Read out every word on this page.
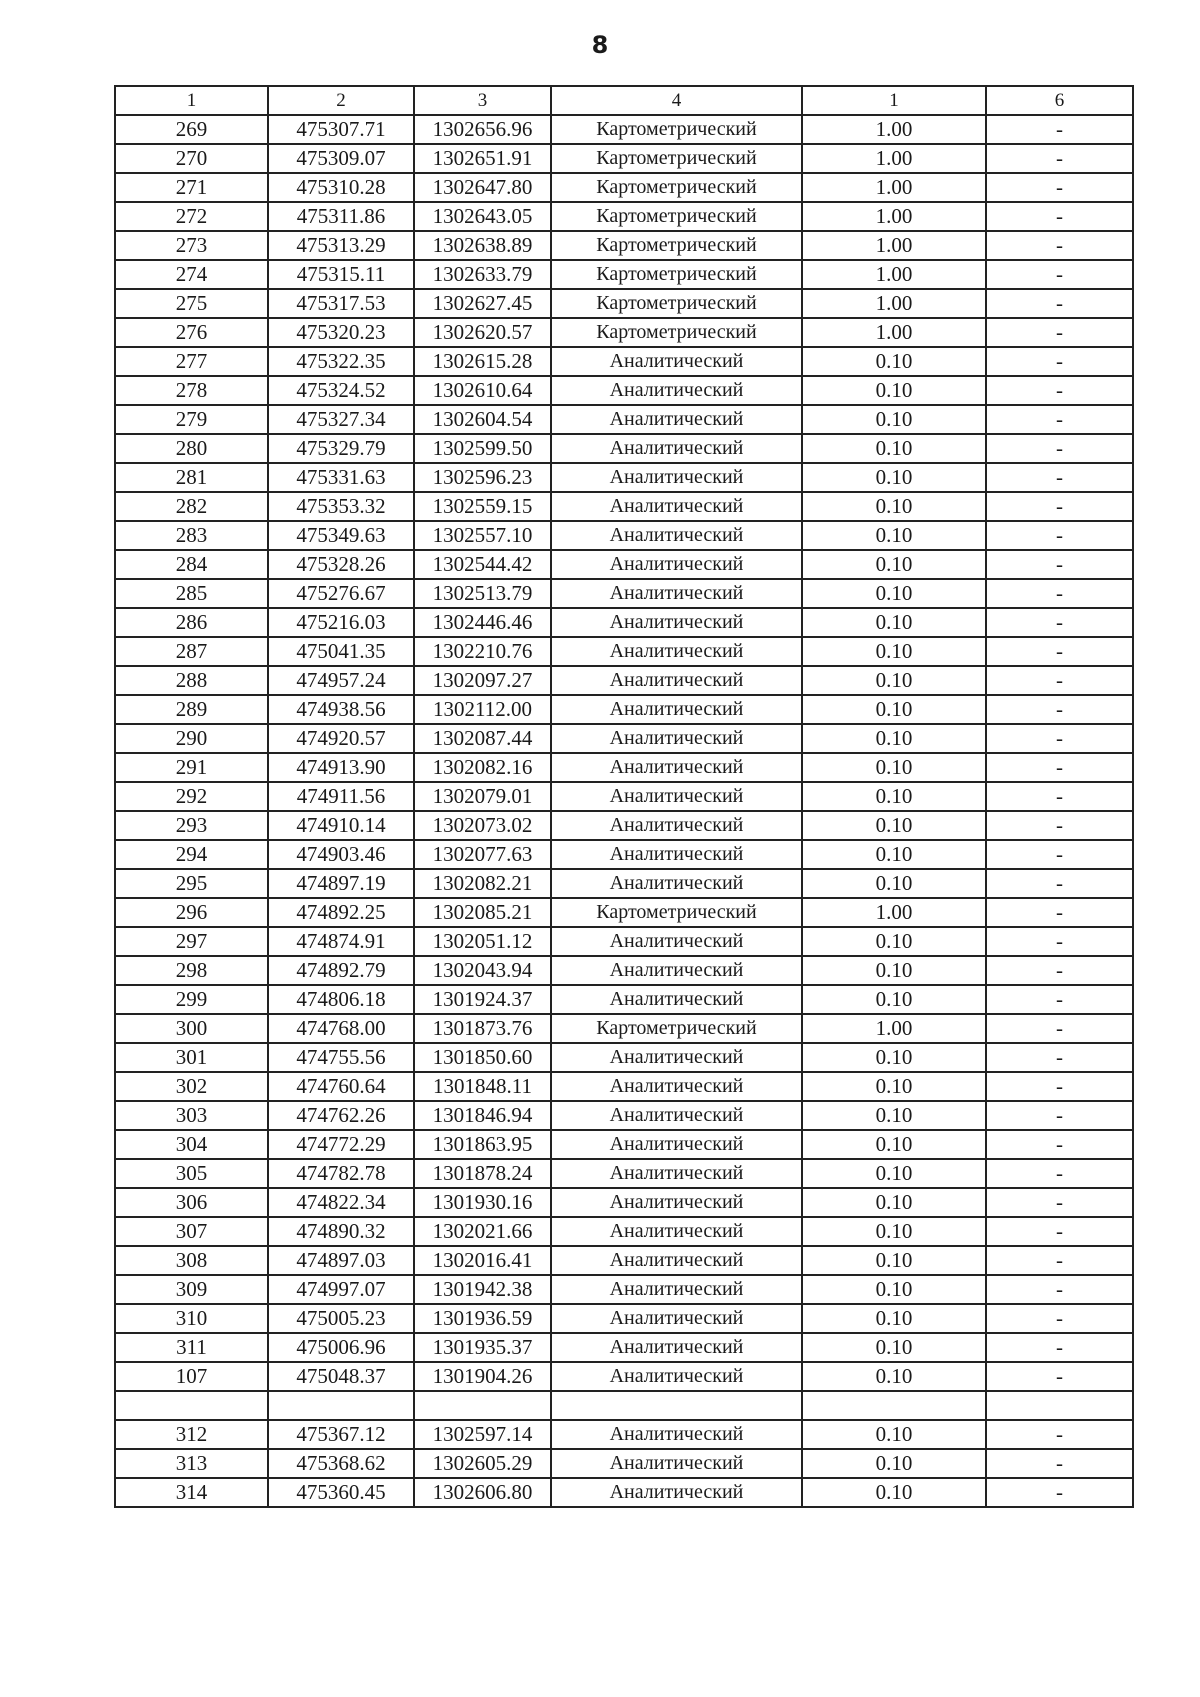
8
1	2	3	4	1	6
269	475307.71	1302656.96	Картометрический	1.00	-
270	475309.07	1302651.91	Картометрический	1.00	-
271	475310.28	1302647.80	Картометрический	1.00	-
272	475311.86	1302643.05	Картометрический	1.00	-
273	475313.29	1302638.89	Картометрический	1.00	-
274	475315.11	1302633.79	Картометрический	1.00	-
275	475317.53	1302627.45	Картометрический	1.00	-
276	475320.23	1302620.57	Картометрический	1.00	-
277	475322.35	1302615.28	Аналитический	0.10	-
278	475324.52	1302610.64	Аналитический	0.10	-
279	475327.34	1302604.54	Аналитический	0.10	-
280	475329.79	1302599.50	Аналитический	0.10	-
281	475331.63	1302596.23	Аналитический	0.10	-
282	475353.32	1302559.15	Аналитический	0.10	-
283	475349.63	1302557.10	Аналитический	0.10	-
284	475328.26	1302544.42	Аналитический	0.10	-
285	475276.67	1302513.79	Аналитический	0.10	-
286	475216.03	1302446.46	Аналитический	0.10	-
287	475041.35	1302210.76	Аналитический	0.10	-
288	474957.24	1302097.27	Аналитический	0.10	-
289	474938.56	1302112.00	Аналитический	0.10	-
290	474920.57	1302087.44	Аналитический	0.10	-
291	474913.90	1302082.16	Аналитический	0.10	-
292	474911.56	1302079.01	Аналитический	0.10	-
293	474910.14	1302073.02	Аналитический	0.10	-
294	474903.46	1302077.63	Аналитический	0.10	-
295	474897.19	1302082.21	Аналитический	0.10	-
296	474892.25	1302085.21	Картометрический	1.00	-
297	474874.91	1302051.12	Аналитический	0.10	-
298	474892.79	1302043.94	Аналитический	0.10	-
299	474806.18	1301924.37	Аналитический	0.10	-
300	474768.00	1301873.76	Картометрический	1.00	-
301	474755.56	1301850.60	Аналитический	0.10	-
302	474760.64	1301848.11	Аналитический	0.10	-
303	474762.26	1301846.94	Аналитический	0.10	-
304	474772.29	1301863.95	Аналитический	0.10	-
305	474782.78	1301878.24	Аналитический	0.10	-
306	474822.34	1301930.16	Аналитический	0.10	-
307	474890.32	1302021.66	Аналитический	0.10	-
308	474897.03	1302016.41	Аналитический	0.10	-
309	474997.07	1301942.38	Аналитический	0.10	-
310	475005.23	1301936.59	Аналитический	0.10	-
311	475006.96	1301935.37	Аналитический	0.10	-
107	475048.37	1301904.26	Аналитический	0.10	-

312	475367.12	1302597.14	Аналитический	0.10	-
313	475368.62	1302605.29	Аналитический	0.10	-
314	475360.45	1302606.80	Аналитический	0.10	-
